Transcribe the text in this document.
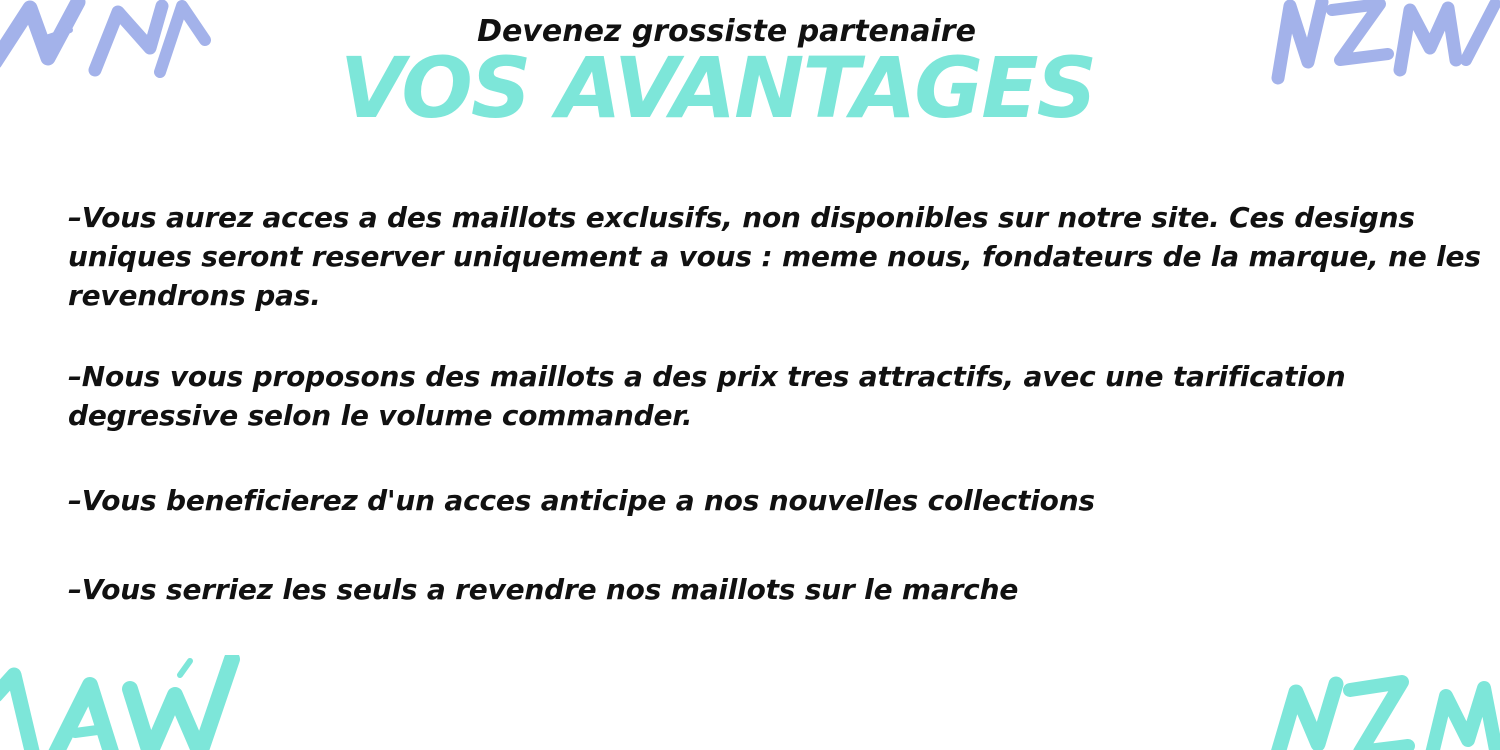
Devenez grossiste partenaire
VOS AVANTAGES
–Vous aurez acces a des maillots exclusifs, non disponibles sur notre site. Ces designs uniques seront reserver uniquement a vous : meme nous, fondateurs de la marque, ne les revendrons pas.
–Nous vous proposons des maillots a des prix tres attractifs, avec une tarification degressive selon le volume commander.
–Vous beneficierez d'un acces anticipe a nos nouvelles collections
–Vous serriez les seuls a revendre nos maillots sur le marche
